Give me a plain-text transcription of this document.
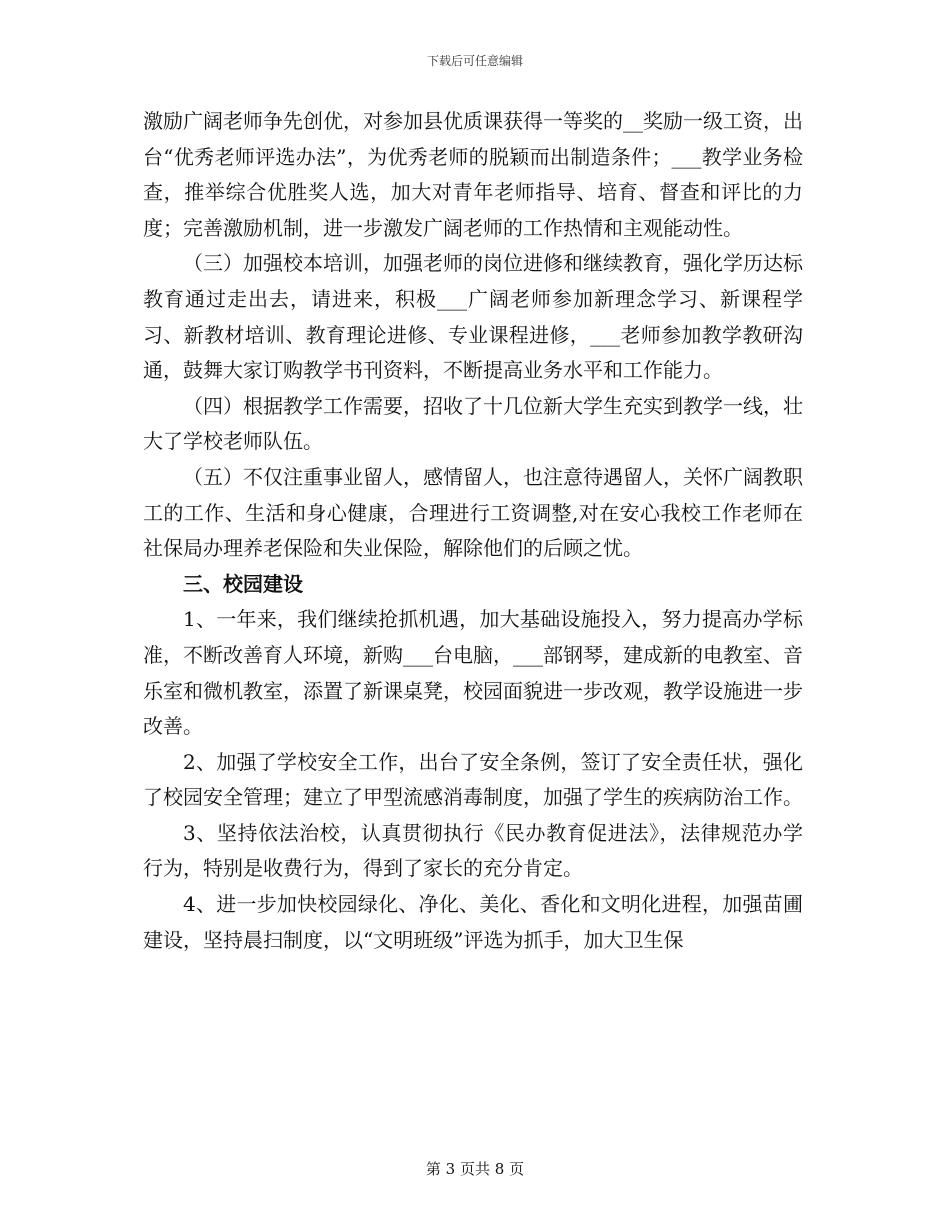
下载后可任意编辑

激励广阔老师争先创优，对参加县优质课获得一等奖的__奖励一级工资，出台“优秀老师评选办法”，为优秀老师的脱颖而出制造条件；___教学业务检查，推举综合优胜奖人选，加大对青年老师指导、培育、督查和评比的力度；完善激励机制，进一步激发广阔老师的工作热情和主观能动性。

（三）加强校本培训，加强老师的岗位进修和继续教育，强化学历达标教育通过走出去，请进来，积极___广阔老师参加新理念学习、新课程学习、新教材培训、教育理论进修、专业课程进修，___老师参加教学教研沟通，鼓舞大家订购教学书刊资料，不断提高业务水平和工作能力。

（四）根据教学工作需要，招收了十几位新大学生充实到教学一线，壮大了学校老师队伍。

（五）不仅注重事业留人，感情留人，也注意待遇留人，关怀广阔教职工的工作、生活和身心健康，合理进行工资调整,对在安心我校工作老师在社保局办理养老保险和失业保险，解除他们的后顾之忧。

三、校园建设

1、一年来，我们继续抢抓机遇，加大基础设施投入，努力提高办学标准，不断改善育人环境，新购___台电脑，___部钢琴，建成新的电教室、音乐室和微机教室，添置了新课桌凳，校园面貌进一步改观，教学设施进一步改善。

2、加强了学校安全工作，出台了安全条例，签订了安全责任状，强化了校园安全管理；建立了甲型流感消毒制度，加强了学生的疾病防治工作。

3、坚持依法治校，认真贯彻执行《民办教育促进法》，法律规范办学行为，特别是收费行为，得到了家长的充分肯定。

4、进一步加快校园绿化、净化、美化、香化和文明化进程，加强苗圃建设，坚持晨扫制度，以“文明班级”评选为抓手，加大卫生保

第 3 页共 8 页
